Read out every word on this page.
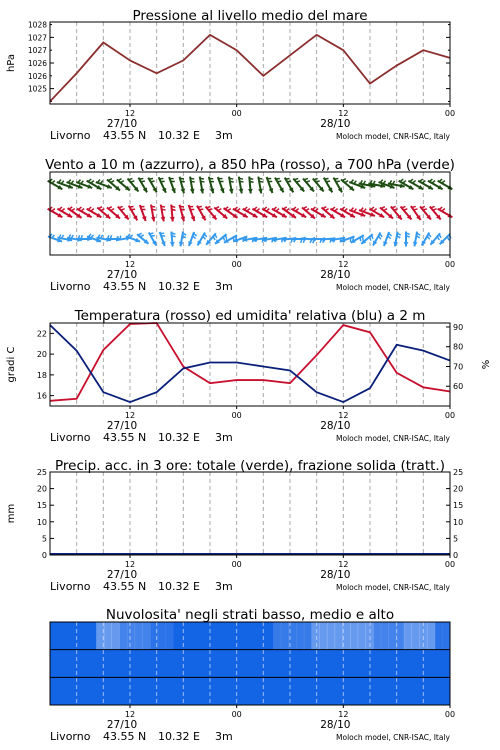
1025
1026
1027
1026
1027
1028
hPa
12
27/10
00	12
28/10
00
Livorno 43.55 N 10.32 E 3m	Moloch model, CNR-ISAC, Italy
Pressione al livello medio del mare
12
27/10
00	12
28/10
00
Livorno 43.55 N 10.32 E 3m	Moloch model, CNR-ISAC, Italy
Vento a 10 m (azzurro), a 850 hPa (rosso), a 700 hPa (verde)
16
18
20
22
60
70
80
90
gradi C	%
12
27/10
00	12
28/10
00
Livorno 43.55 N 10.32 E 3m	Moloch model, CNR-ISAC, Italy
Temperatura (rosso) ed umidita' relativa (blu) a 2 m
0	0
5	5
10	10
15	15
20	20
25	25
mm
12
27/10
00	12
28/10
00
Livorno 43.55 N 10.32 E 3m	Moloch model, CNR-ISAC, Italy
Precip. acc. in 3 ore: totale (verde), frazione solida (tratt.)
12
27/10
00	12
28/10
00
Livorno 43.55 N 10.32 E 3m	Moloch model, CNR-ISAC, Italy
Nuvolosita' negli strati basso, medio e alto
